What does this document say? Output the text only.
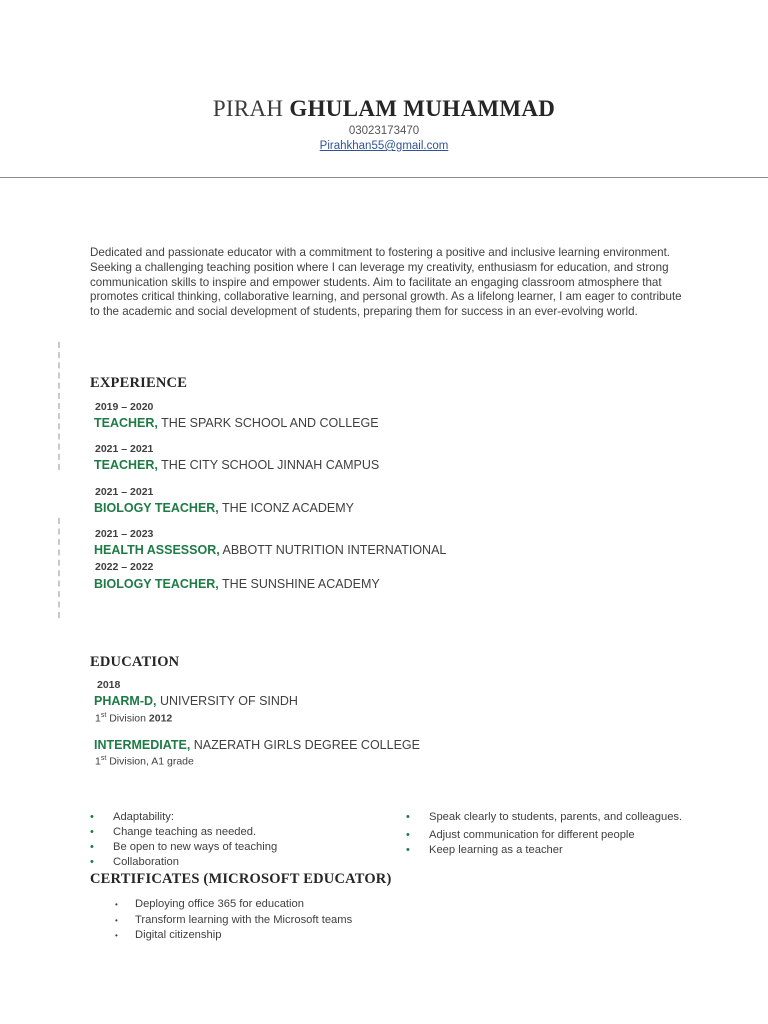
PIRAH GHULAM MUHAMMAD
03023173470
Pirahkhan55@gmail.com
Dedicated and passionate educator with a commitment to fostering a positive and inclusive learning environment. Seeking a challenging teaching position where I can leverage my creativity, enthusiasm for education, and strong communication skills to inspire and empower students. Aim to facilitate an engaging classroom atmosphere that promotes critical thinking, collaborative learning, and personal growth. As a lifelong learner, I am eager to contribute to the academic and social development of students, preparing them for success in an ever-evolving world.
EXPERIENCE
2019 – 2020
TEACHER, THE SPARK SCHOOL AND COLLEGE
2021 – 2021
TEACHER, THE CITY SCHOOL JINNAH CAMPUS
2021 – 2021
BIOLOGY TEACHER, THE ICONZ ACADEMY
2021 – 2023
HEALTH ASSESSOR, ABBOTT NUTRITION INTERNATIONAL
2022 – 2022
BIOLOGY TEACHER, THE SUNSHINE ACADEMY
EDUCATION
2018
PHARM-D, UNIVERSITY OF SINDH
1st Division 2012
INTERMEDIATE, NAZERATH GIRLS DEGREE COLLEGE
1st Division, A1 grade
• Adaptability:
• Change teaching as needed.
• Be open to new ways of teaching
• Collaboration
• Speak clearly to students, parents, and colleagues.
• Adjust communication for different people
• Keep learning as a teacher
CERTIFICATES (MICROSOFT EDUCATOR)
• Deploying office 365 for education
• Transform learning with the Microsoft teams
• Digital citizenship
